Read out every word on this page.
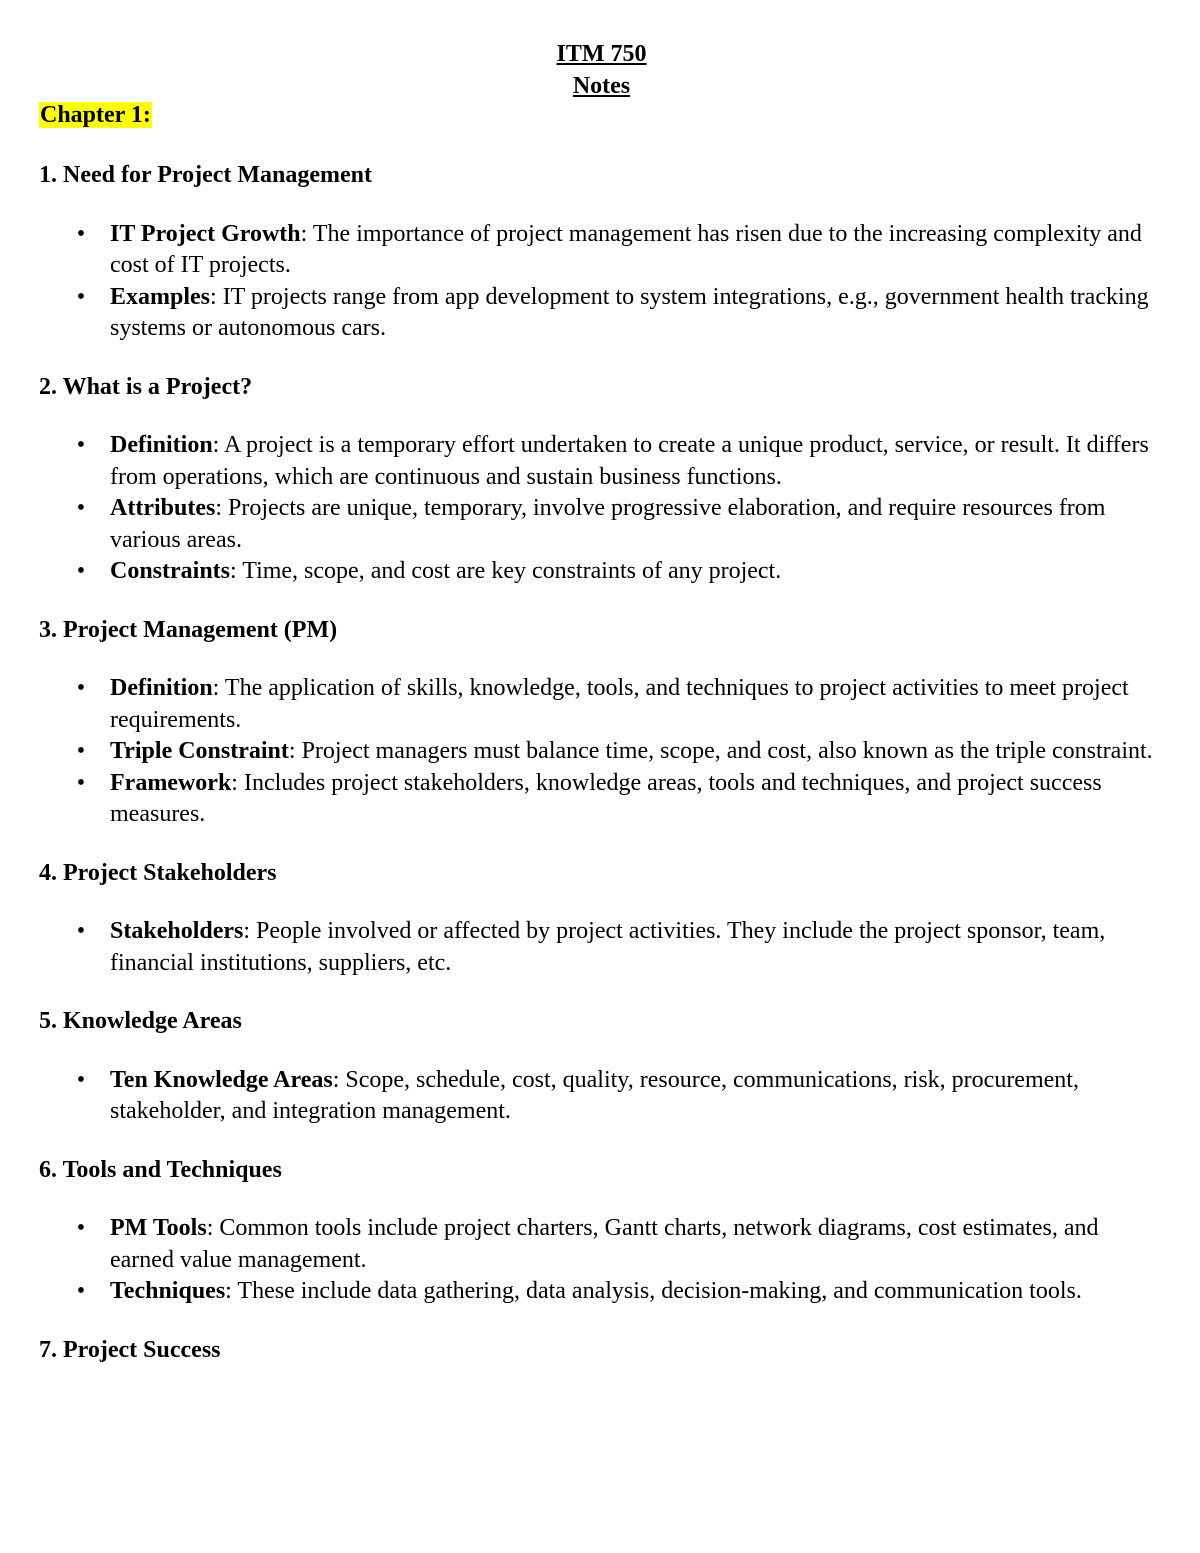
ITM 750
Notes
Chapter 1:
1. Need for Project Management
• IT Project Growth: The importance of project management has risen due to the increasing complexity and cost of IT projects.
• Examples: IT projects range from app development to system integrations, e.g., government health tracking systems or autonomous cars.
2. What is a Project?
• Definition: A project is a temporary effort undertaken to create a unique product, service, or result. It differs from operations, which are continuous and sustain business functions.
• Attributes: Projects are unique, temporary, involve progressive elaboration, and require resources from various areas.
• Constraints: Time, scope, and cost are key constraints of any project.
3. Project Management (PM)
• Definition: The application of skills, knowledge, tools, and techniques to project activities to meet project requirements.
• Triple Constraint: Project managers must balance time, scope, and cost, also known as the triple constraint.
• Framework: Includes project stakeholders, knowledge areas, tools and techniques, and project success measures.
4. Project Stakeholders
• Stakeholders: People involved or affected by project activities. They include the project sponsor, team, financial institutions, suppliers, etc.
5. Knowledge Areas
• Ten Knowledge Areas: Scope, schedule, cost, quality, resource, communications, risk, procurement, stakeholder, and integration management.
6. Tools and Techniques
• PM Tools: Common tools include project charters, Gantt charts, network diagrams, cost estimates, and earned value management.
• Techniques: These include data gathering, data analysis, decision-making, and communication tools.
7. Project Success
